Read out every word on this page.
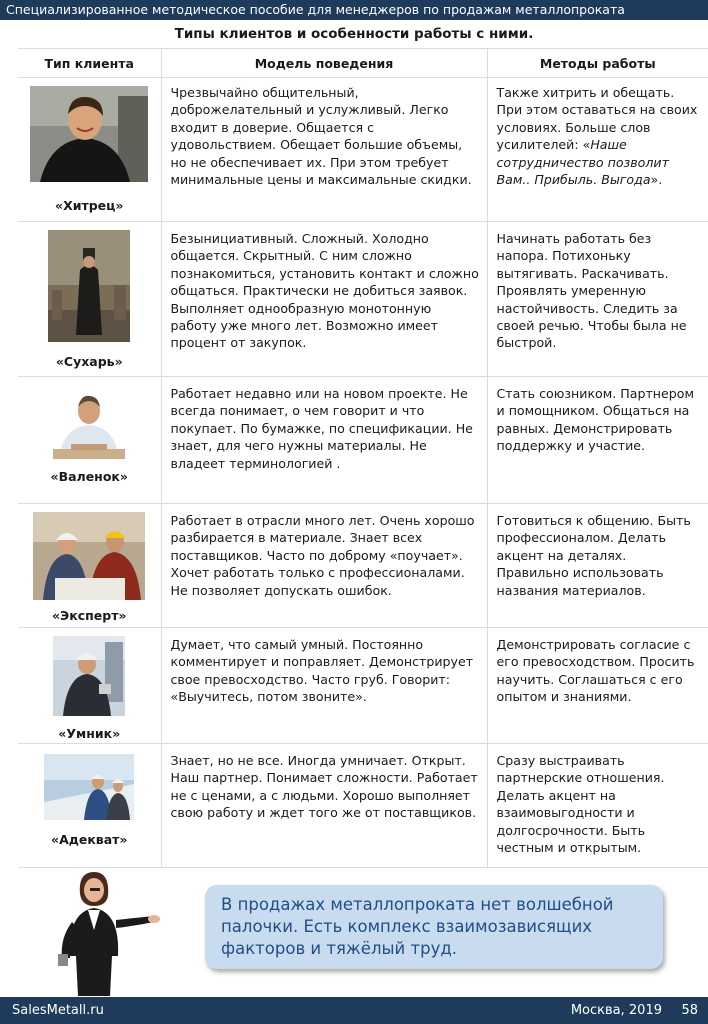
Специализированное методическое пособие для менеджеров по продажам металлопроката
Типы клиентов и особенности работы с ними.
Тип клиента	Модель поведения	Методы работы

«Хитрец»	Чрезвычайно общительный, доброжелательный и услужливый. Легко входит в доверие. Общается с удовольствием. Обещает большие объемы, но не обеспечивает их. При этом требует минимальные цены и максимальные скидки.	Также хитрить и обещать. При этом оставаться на своих условиях. Больше слов усилителей: «Наше сотрудничество позволит Вам.. Прибыль. Выгода».

«Сухарь»	Безынициативный. Сложный. Холодно общается. Скрытный. С ним сложно познакомиться, установить контакт и сложно общаться. Практически не добиться заявок. Выполняет однообразную монотонную работу уже много лет. Возможно имеет процент от закупок.	Начинать работать без напора. Потихоньку вытягивать. Раскачивать. Проявлять умеренную настойчивость. Следить за своей речью. Чтобы была не быстрой.

«Валенок»	Работает недавно или на новом проекте. Не всегда понимает, о чем говорит и что покупает. По бумажке, по спецификации. Не знает, для чего нужны материалы. Не владеет терминологией .	Стать союзником. Партнером и помощником. Общаться на равных. Демонстрировать поддержку и участие.

«Эксперт»	Работает в отрасли много лет. Очень хорошо разбирается в материале. Знает всех поставщиков. Часто по доброму «поучает». Хочет работать только с профессионалами. Не позволяет допускать ошибок.	Готовиться к общению. Быть профессионалом. Делать акцент на деталях. Правильно использовать названия материалов.

«Умник»	Думает, что самый умный. Постоянно комментирует и поправляет. Демонстрирует свое превосходство. Часто груб. Говорит: «Выучитесь, потом звоните».	Демонстрировать согласие с его превосходством. Просить научить. Соглашаться с его опытом и знаниями.

«Адекват»	Знает, но не все. Иногда умничает. Открыт. Наш партнер. Понимает сложности. Работает не с ценами, а с людьми. Хорошо выполняет свою работу и ждет того же от поставщиков.	Сразу выстраивать партнерские отношения. Делать акцент на взаимовыгодности и долгосрочности. Быть честным и открытым.
В продажах металлопроката нет волшебной палочки. Есть комплекс взаимозависящих факторов и тяжёлый труд.
SalesMetall.ru	Москва, 2019 58
